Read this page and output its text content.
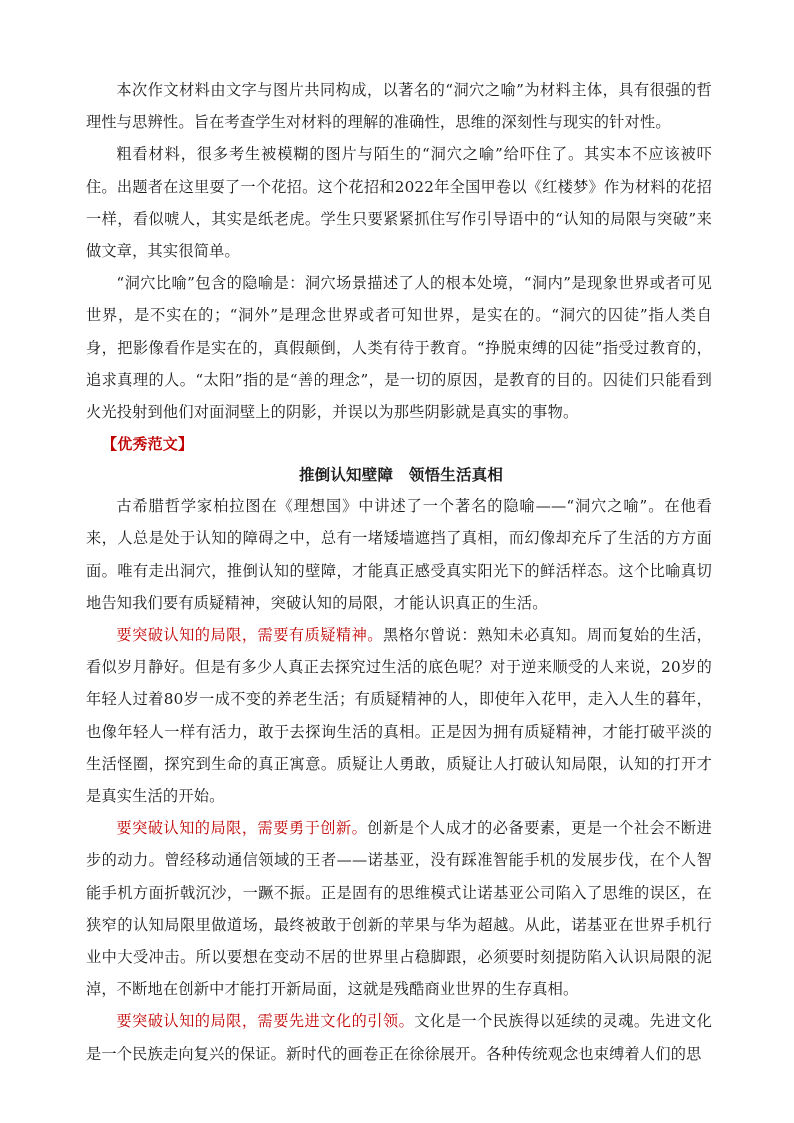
本次作文材料由文字与图片共同构成，以著名的“洞穴之喻”为材料主体，具有很强的哲理性与思辨性。旨在考查学生对材料的理解的准确性，思维的深刻性与现实的针对性。

粗看材料，很多考生被模糊的图片与陌生的“洞穴之喻”给吓住了。其实本不应该被吓住。出题者在这里耍了一个花招。这个花招和2022年全国甲卷以《红楼梦》作为材料的花招一样，看似唬人，其实是纸老虎。学生只要紧紧抓住写作引导语中的“认知的局限与突破”来做文章，其实很简单。

“洞穴比喻”包含的隐喻是：洞穴场景描述了人的根本处境，“洞内”是现象世界或者可见世界，是不实在的；“洞外”是理念世界或者可知世界，是实在的。“洞穴的囚徒”指人类自身，把影像看作是实在的，真假颠倒，人类有待于教育。“挣脱束缚的囚徒”指受过教育的，追求真理的人。“太阳”指的是“善的理念”，是一切的原因，是教育的目的。囚徒们只能看到火光投射到他们对面洞壁上的阴影，并误以为那些阴影就是真实的事物。

【优秀范文】

推倒认知壁障　领悟生活真相

古希腊哲学家柏拉图在《理想国》中讲述了一个著名的隐喻——“洞穴之喻”。在他看来，人总是处于认知的障碍之中，总有一堵矮墙遮挡了真相，而幻像却充斥了生活的方方面面。唯有走出洞穴，推倒认知的壁障，才能真正感受真实阳光下的鲜活样态。这个比喻真切地告知我们要有质疑精神，突破认知的局限，才能认识真正的生活。

要突破认知的局限，需要有质疑精神。黑格尔曾说：熟知未必真知。周而复始的生活，看似岁月静好。但是有多少人真正去探究过生活的底色呢？对于逆来顺受的人来说，20岁的年轻人过着80岁一成不变的养老生活；有质疑精神的人，即使年入花甲，走入人生的暮年，也像年轻人一样有活力，敢于去探询生活的真相。正是因为拥有质疑精神，才能打破平淡的生活怪圈，探究到生命的真正寓意。质疑让人勇敢，质疑让人打破认知局限，认知的打开才是真实生活的开始。

要突破认知的局限，需要勇于创新。创新是个人成才的必备要素，更是一个社会不断进步的动力。曾经移动通信领域的王者——诺基亚，没有踩准智能手机的发展步伐，在个人智能手机方面折戟沉沙，一蹶不振。正是固有的思维模式让诺基亚公司陷入了思维的误区，在狭窄的认知局限里做道场，最终被敢于创新的苹果与华为超越。从此，诺基亚在世界手机行业中大受冲击。所以要想在变动不居的世界里占稳脚跟，必须要时刻提防陷入认识局限的泥淖，不断地在创新中才能打开新局面，这就是残酷商业世界的生存真相。

要突破认知的局限，需要先进文化的引领。文化是一个民族得以延续的灵魂。先进文化是一个民族走向复兴的保证。新时代的画卷正在徐徐展开。各种传统观念也束缚着人们的思
